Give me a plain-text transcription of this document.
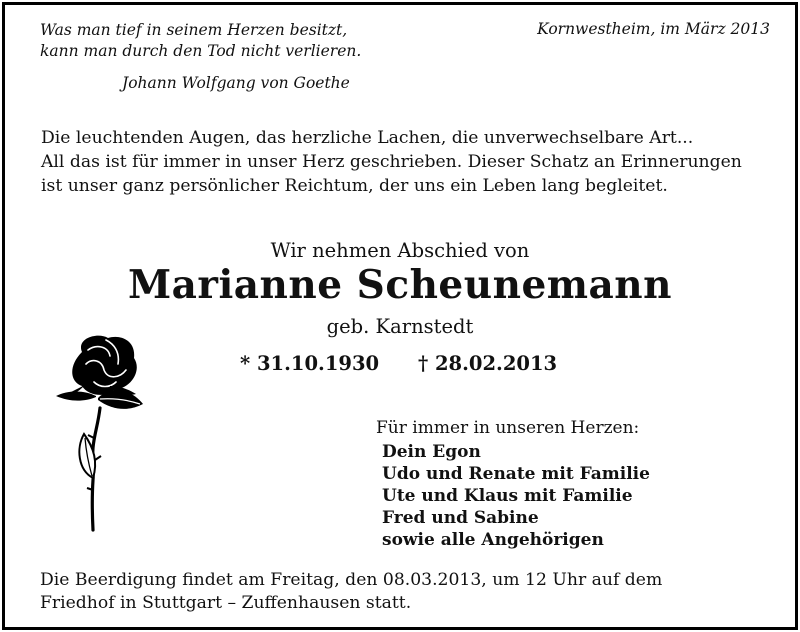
Was man tief in seinem Herzen besitzt,
kann man durch den Tod nicht verlieren.
Johann Wolfgang von Goethe
Kornwestheim, im März 2013
Die leuchtenden Augen, das herzliche Lachen, die unverwechselbare Art...
All das ist für immer in unser Herz geschrieben. Dieser Schatz an Erinnerungen
ist unser ganz persönlicher Reichtum, der uns ein Leben lang begleitet.
Wir nehmen Abschied von
Marianne Scheunemann
geb. Karnstedt
* 31.10.1930 † 28.02.2013
Für immer in unseren Herzen:
Dein Egon
Udo und Renate mit Familie
Ute und Klaus mit Familie
Fred und Sabine
sowie alle Angehörigen
Die Beerdigung findet am Freitag, den 08.03.2013, um 12 Uhr auf dem
Friedhof in Stuttgart – Zuffenhausen statt.
